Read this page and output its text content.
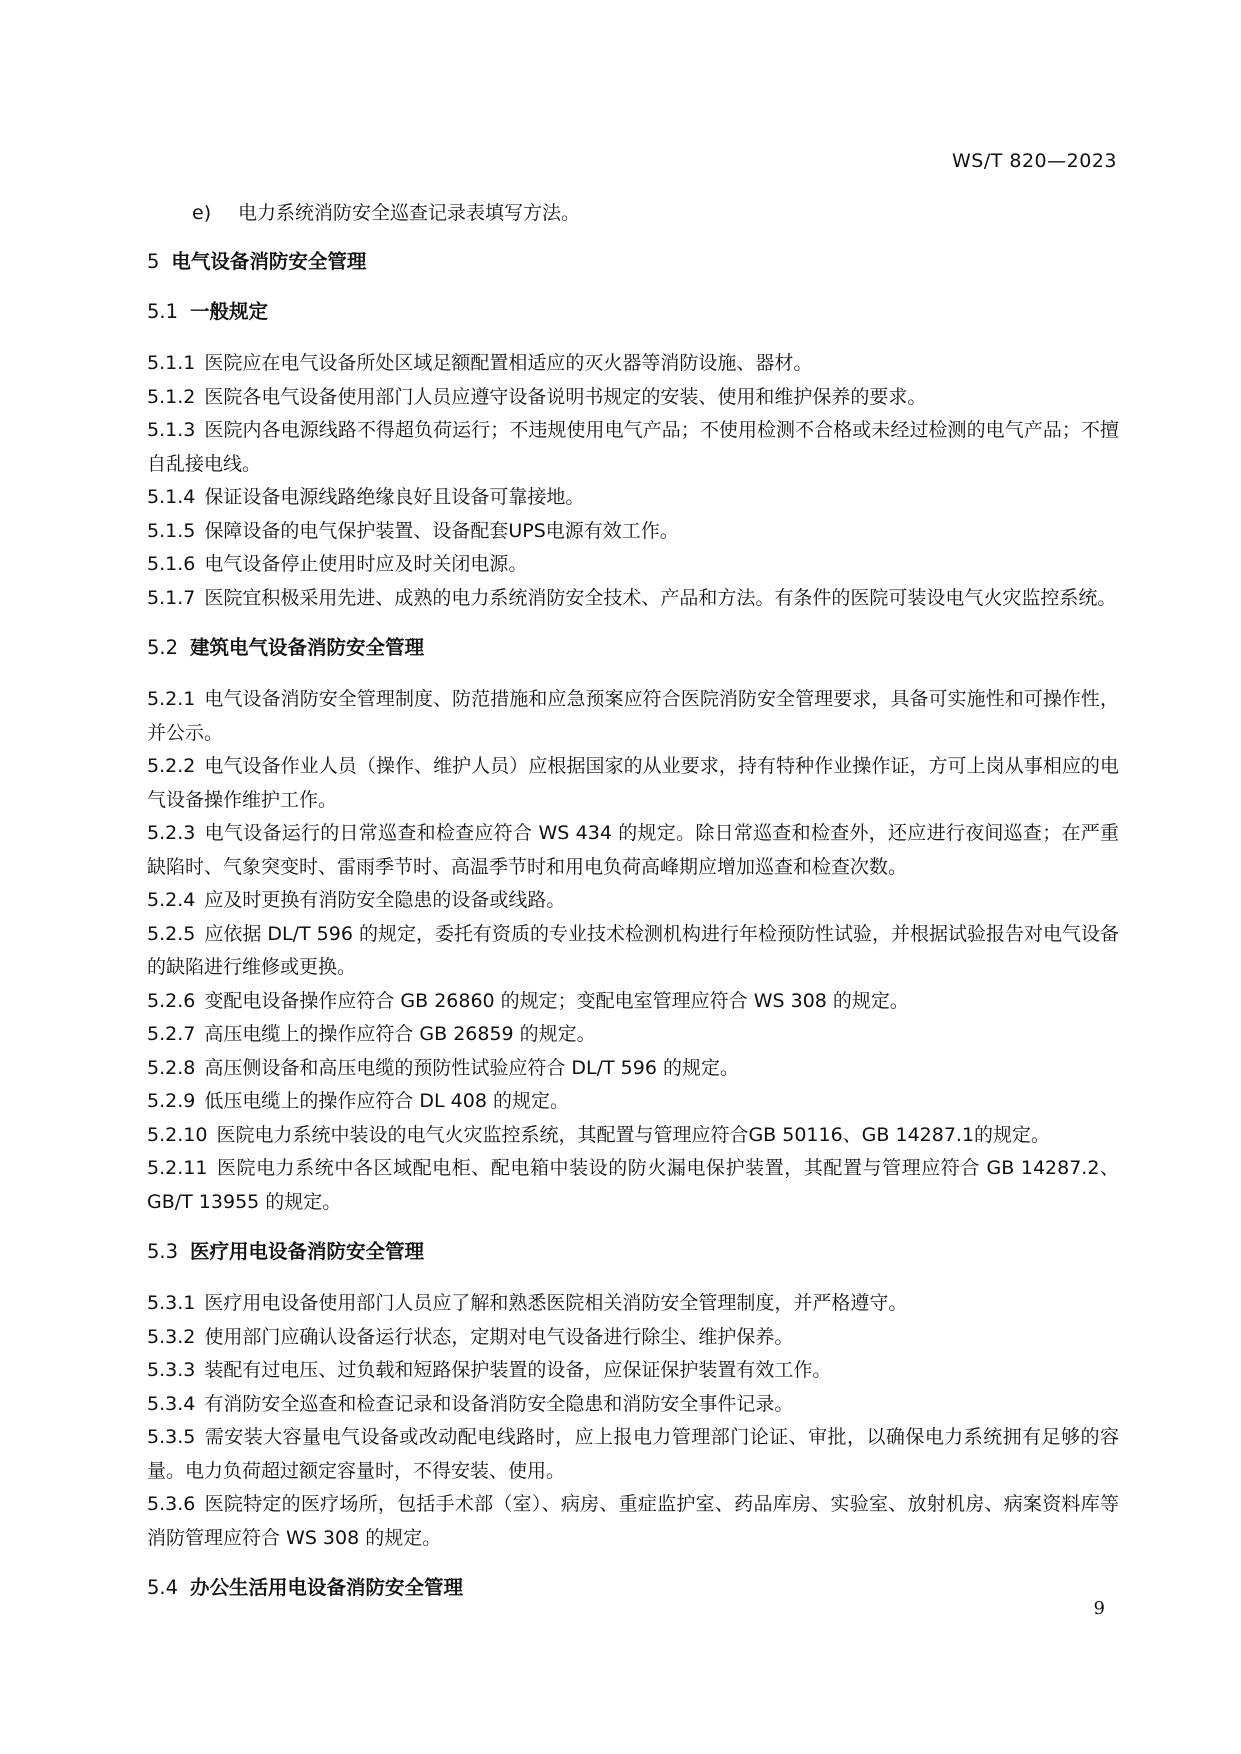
WS/T 820—2023
e) 电力系统消防安全巡查记录表填写方法。
5 电气设备消防安全管理
5.1 一般规定
5.1.1 医院应在电气设备所处区域足额配置相适应的灭火器等消防设施、器材。
5.1.2 医院各电气设备使用部门人员应遵守设备说明书规定的安装、使用和维护保养的要求。
5.1.3 医院内各电源线路不得超负荷运行；不违规使用电气产品；不使用检测不合格或未经过检测的电气产品；不擅自乱接电线。
5.1.4 保证设备电源线路绝缘良好且设备可靠接地。
5.1.5 保障设备的电气保护装置、设备配套UPS电源有效工作。
5.1.6 电气设备停止使用时应及时关闭电源。
5.1.7 医院宜积极采用先进、成熟的电力系统消防安全技术、产品和方法。有条件的医院可装设电气火灾监控系统。
5.2 建筑电气设备消防安全管理
5.2.1 电气设备消防安全管理制度、防范措施和应急预案应符合医院消防安全管理要求，具备可实施性和可操作性，并公示。
5.2.2 电气设备作业人员（操作、维护人员）应根据国家的从业要求，持有特种作业操作证，方可上岗从事相应的电气设备操作维护工作。
5.2.3 电气设备运行的日常巡查和检查应符合 WS 434 的规定。除日常巡查和检查外，还应进行夜间巡查；在严重缺陷时、气象突变时、雷雨季节时、高温季节时和用电负荷高峰期应增加巡查和检查次数。
5.2.4 应及时更换有消防安全隐患的设备或线路。
5.2.5 应依据 DL/T 596 的规定，委托有资质的专业技术检测机构进行年检预防性试验，并根据试验报告对电气设备的缺陷进行维修或更换。
5.2.6 变配电设备操作应符合 GB 26860 的规定；变配电室管理应符合 WS 308 的规定。
5.2.7 高压电缆上的操作应符合 GB 26859 的规定。
5.2.8 高压侧设备和高压电缆的预防性试验应符合 DL/T 596 的规定。
5.2.9 低压电缆上的操作应符合 DL 408 的规定。
5.2.10 医院电力系统中装设的电气火灾监控系统，其配置与管理应符合GB 50116、GB 14287.1的规定。
5.2.11 医院电力系统中各区域配电柜、配电箱中装设的防火漏电保护装置，其配置与管理应符合 GB 14287.2、GB/T 13955 的规定。
5.3 医疗用电设备消防安全管理
5.3.1 医疗用电设备使用部门人员应了解和熟悉医院相关消防安全管理制度，并严格遵守。
5.3.2 使用部门应确认设备运行状态，定期对电气设备进行除尘、维护保养。
5.3.3 装配有过电压、过负载和短路保护装置的设备，应保证保护装置有效工作。
5.3.4 有消防安全巡查和检查记录和设备消防安全隐患和消防安全事件记录。
5.3.5 需安装大容量电气设备或改动配电线路时，应上报电力管理部门论证、审批，以确保电力系统拥有足够的容量。电力负荷超过额定容量时，不得安装、使用。
5.3.6 医院特定的医疗场所，包括手术部（室）、病房、重症监护室、药品库房、实验室、放射机房、病案资料库等消防管理应符合 WS 308 的规定。
5.4 办公生活用电设备消防安全管理
9
